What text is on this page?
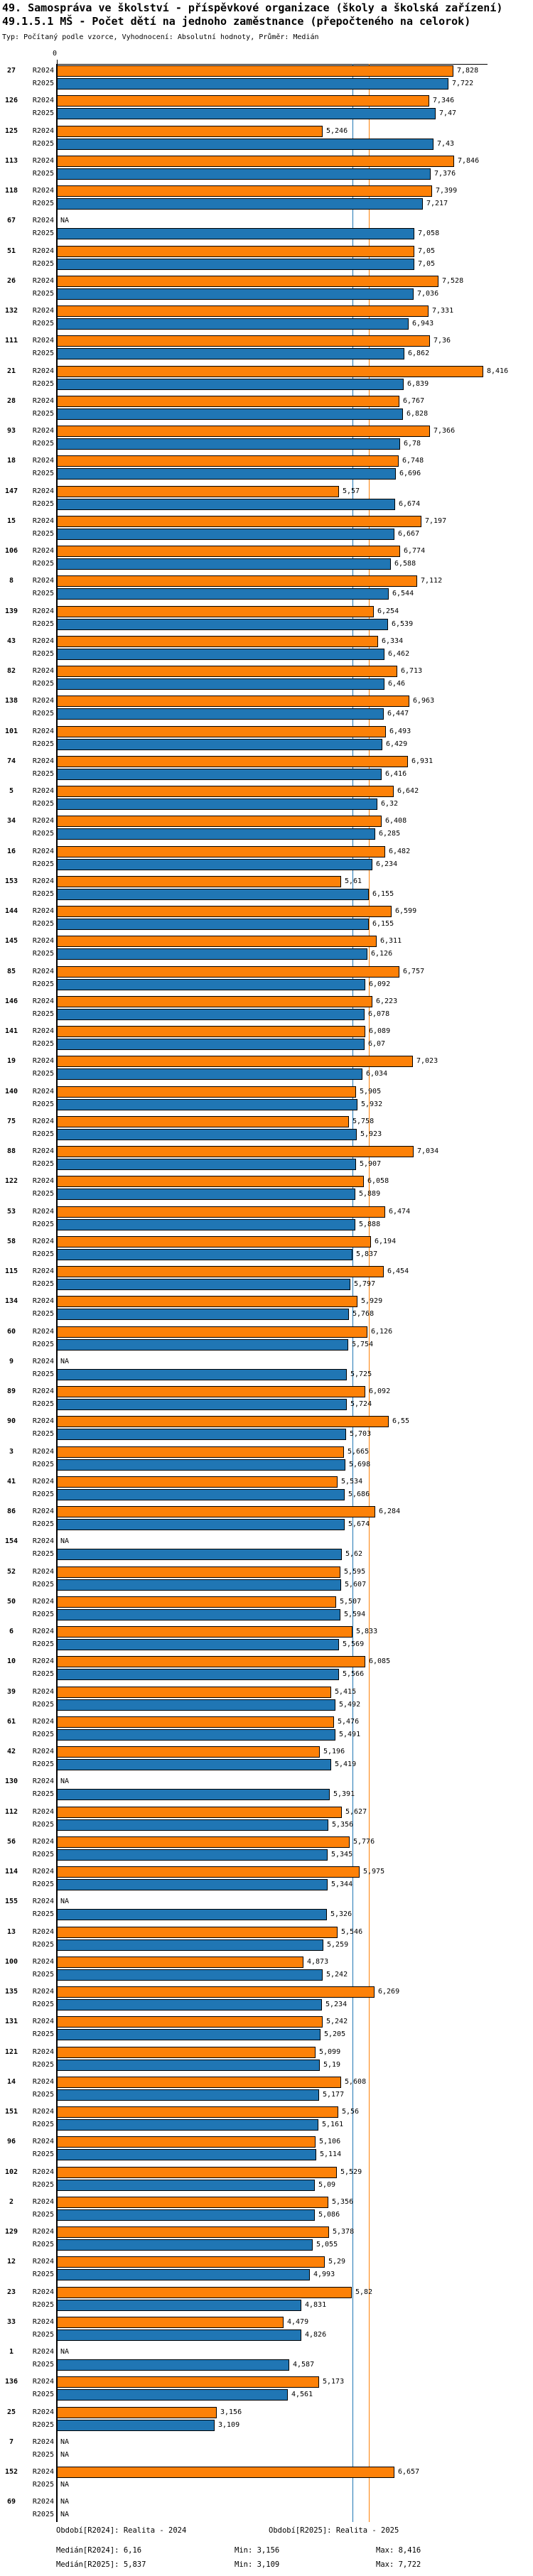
49. Samospráva ve školství - příspěvkové organizace (školy a školská zařízení)
49.1.5.1 MŠ - Počet dětí na jednoho zaměstnance (přepočteného na celorok)
Typ: Počítaný podle vzorce, Vyhodnocení: Absolutní hodnoty, Průměr: Medián
0
27	R2024	7,828
R2025	7,722
126	R2024	7,346
R2025	7,47
125	R2024	5,246
R2025	7,43
113	R2024	7,846
R2025	7,376
118	R2024	7,399
R2025	7,217
67	R2024 NA
R2025	7,058
51	R2024	7,05
R2025	7,05
26	R2024	7,528
R2025	7,036
132	R2024	7,331
R2025	6,943
111	R2024	7,36
R2025	6,862
21	R2024	8,416
R2025	6,839
28	R2024	6,767
R2025	6,828
93	R2024	7,366
R2025	6,78
18	R2024	6,748
R2025	6,696
147	R2024	5,57
R2025	6,674
15	R2024	7,197
R2025	6,667
106	R2024	6,774
R2025	6,588
8	R2024	7,112
R2025	6,544
139	R2024	6,254
R2025	6,539
43	R2024	6,334
R2025	6,462
82	R2024	6,713
R2025	6,46
138	R2024	6,963
R2025	6,447
101	R2024	6,493
R2025	6,429
74	R2024	6,931
R2025	6,416
5	R2024	6,642
R2025	6,32
34	R2024	6,408
R2025	6,285
16	R2024	6,482
R2025	6,234
153	R2024	5,61
R2025	6,155
144	R2024	6,599
R2025	6,155
145	R2024	6,311
R2025	6,126
85	R2024	6,757
R2025	6,092
146	R2024	6,223
R2025	6,078
141	R2024	6,089
R2025	6,07
19	R2024	7,023
R2025	6,034
140	R2024	5,905
R2025	5,932
75	R2024	5,758
R2025	5,923
88	R2024	7,034
R2025	5,907
122	R2024	6,058
R2025	5,889
53	R2024	6,474
R2025	5,888
58	R2024	6,194
R2025	5,837
115	R2024	6,454
R2025	5,797
134	R2024	5,929
R2025	5,768
60	R2024	6,126
R2025	5,754
9	R2024 NA
R2025	5,725
89	R2024	6,092
R2025	5,724
90	R2024	6,55
R2025	5,703
3	R2024	5,665
R2025	5,698
41	R2024	5,534
R2025	5,686
86	R2024	6,284
R2025	5,674
154	R2024 NA
R2025	5,62
52	R2024	5,595
R2025	5,607
50	R2024	5,507
R2025	5,594
6	R2024	5,833
R2025	5,569
10	R2024	6,085
R2025	5,566
39	R2024	5,415
R2025	5,492
61	R2024	5,476
R2025	5,491
42	R2024	5,196
R2025	5,419
130	R2024 NA
R2025	5,391
112	R2024	5,627
R2025	5,356
56	R2024	5,776
R2025	5,345
114	R2024	5,975
R2025	5,344
155	R2024 NA
R2025	5,326
13	R2024	5,546
R2025	5,259
100	R2024	4,873
R2025	5,242
135	R2024	6,269
R2025	5,234
131	R2024	5,242
R2025	5,205
121	R2024	5,099
R2025	5,19
14	R2024	5,608
R2025	5,177
151	R2024	5,56
R2025	5,161
96	R2024	5,106
R2025	5,114
102	R2024	5,529
R2025	5,09
2	R2024	5,356
R2025	5,086
129	R2024	5,378
R2025	5,055
12	R2024	5,29
R2025	4,993
23	R2024	5,82
R2025	4,831
33	R2024	4,479
R2025	4,826
1	R2024 NA
R2025	4,587
136	R2024	5,173
R2025	4,561
25	R2024	3,156
R2025	3,109
7	R2024 NA
R2025 NA
152	R2024	6,657
R2025 NA
69	R2024 NA
R2025 NA
Období[R2024]: Realita - 2024	Období[R2025]: Realita - 2025
Medián[R2024]: 6,16	Min: 3,156	Max: 8,416
Medián[R2025]: 5,837	Min: 3,109	Max: 7,722
